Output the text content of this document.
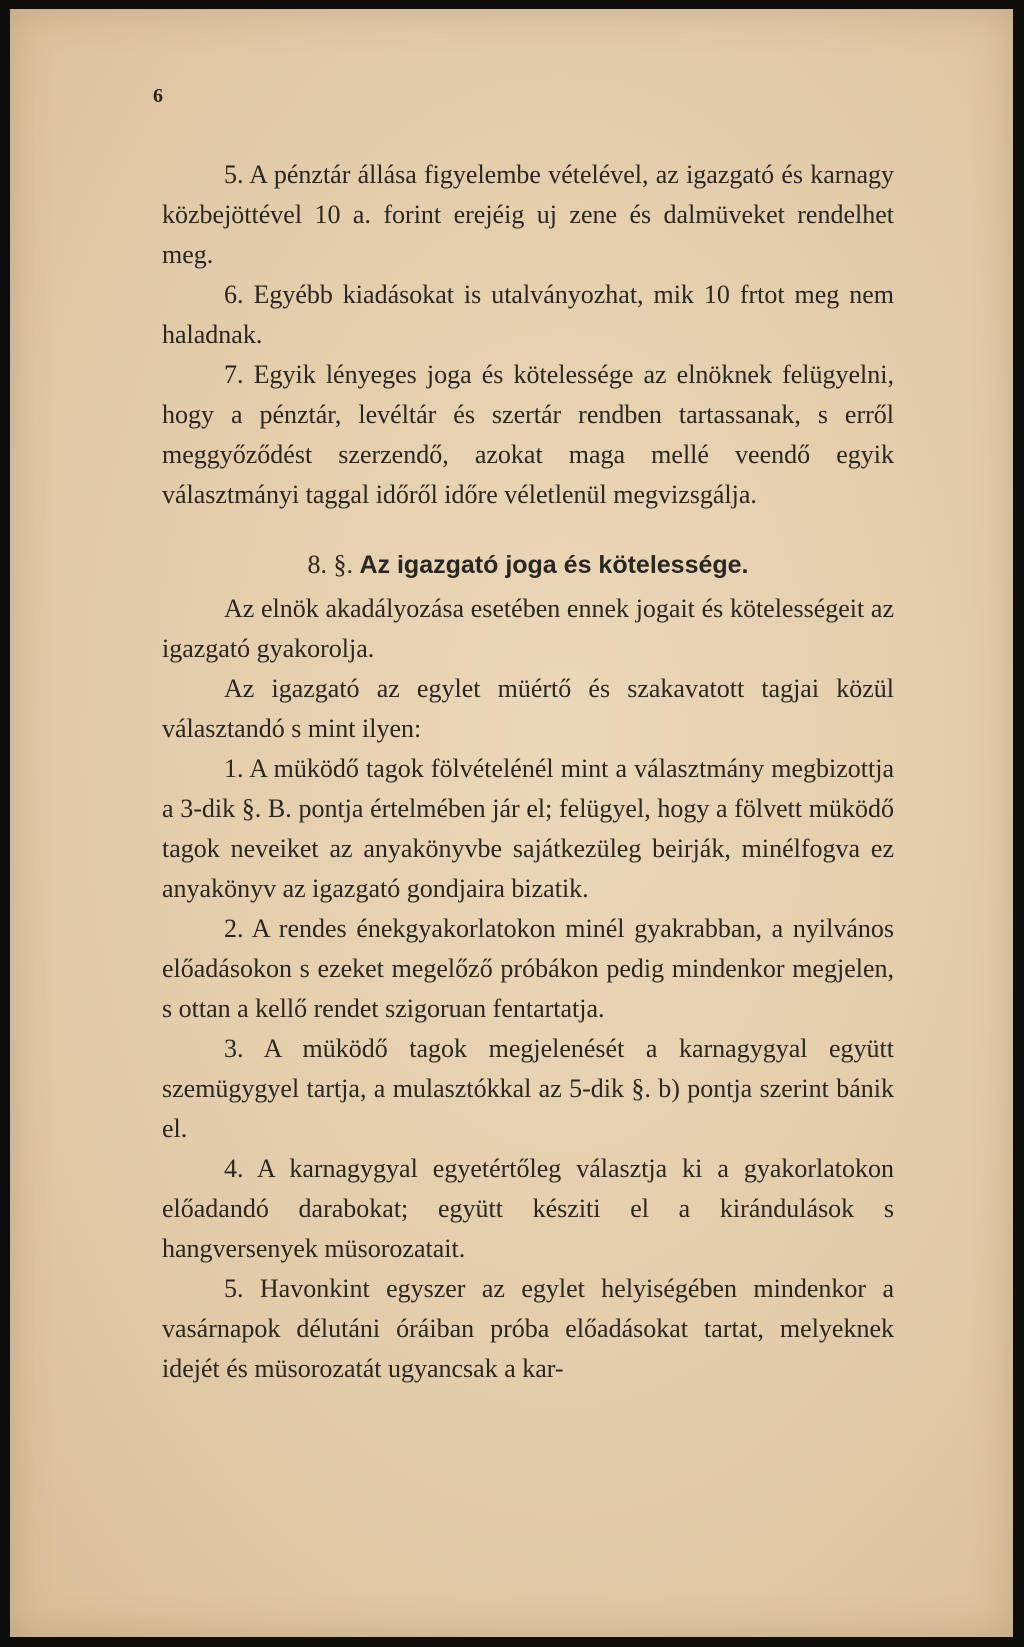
6

5. A pénztár állása figyelembe vételével, az igazgató és karnagy közbejöttével 10 a. forint erejéig uj zene és dalmüveket rendelhet meg.

6. Egyébb kiadásokat is utalványozhat, mik 10 frtot meg nem haladnak.

7. Egyik lényeges joga és kötelessége az elnöknek felügyelni, hogy a pénztár, levéltár és szertár rendben tartassanak, s erről meggyőződést szerzendő, azokat maga mellé veendő egyik választmányi taggal időről időre véletlenül megvizsgálja.

8. §. Az igazgató joga és kötelessége.

Az elnök akadályozása esetében ennek jogait és kötelességeit az igazgató gyakorolja.

Az igazgató az egylet müértő és szakavatott tagjai közül választandó s mint ilyen:

1. A müködő tagok fölvételénél mint a választmány megbizottja a 3-dik §. B. pontja értelmében jár el; felügyel, hogy a fölvett müködő tagok neveiket az anyakönyvbe sajátkezüleg beirják, minélfogva ez anyakönyv az igazgató gondjaira bizatik.

2. A rendes énekgyakorlatokon minél gyakrabban, a nyilvános előadásokon s ezeket megelőző próbákon pedig mindenkor megjelen, s ottan a kellő rendet szigoruan fentartatja.

3. A müködő tagok megjelenését a karnagygyal együtt szemügygyel tartja, a mulasztókkal az 5-dik §. b) pontja szerint bánik el.

4. A karnagygyal egyetértőleg választja ki a gyakorlatokon előadandó darabokat; együtt késziti el a kirándulások s hangversenyek müsorozatait.

5. Havonkint egyszer az egylet helyiségében mindenkor a vasárnapok délutáni óráiban próba előadásokat tartat, melyeknek idejét és müsorozatát ugyancsak a kar-
